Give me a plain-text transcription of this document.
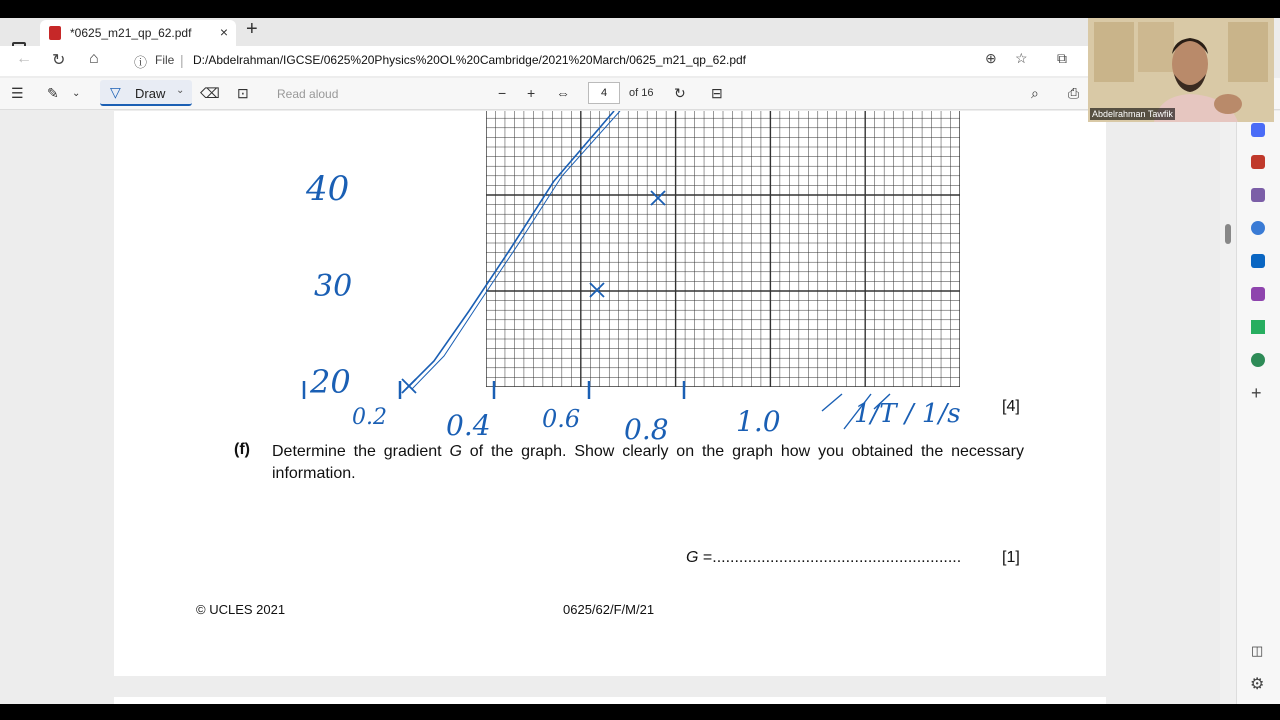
*0625_m21_qp_62.pdf × +
← ↻ ⌂	ⓘ File | D:/Abdelrahman/IGCSE/0625%20Physics%20OL%20Cambridge/2021%20March/0625_m21_qp_62.pdf	⊕ ☆ ⧉
☰ ✎ ⌄ ▽ Draw ⌄ ⌫ ⊡ Read aloud	− + ⇔	4	of 16 ↻ ⊟	⌕ ⎙
40
30
20
0.2 0.4 0.6 0.8 1.0	1/T / 1/s	[4]
(f) Determine the gradient G of the graph. Show clearly on the graph how you obtained the necessary information.
G =........................................................	[1]
© UCLES 2021	0625/62/F/M/21
+
◫
⚙
Abdelrahman Tawfik
